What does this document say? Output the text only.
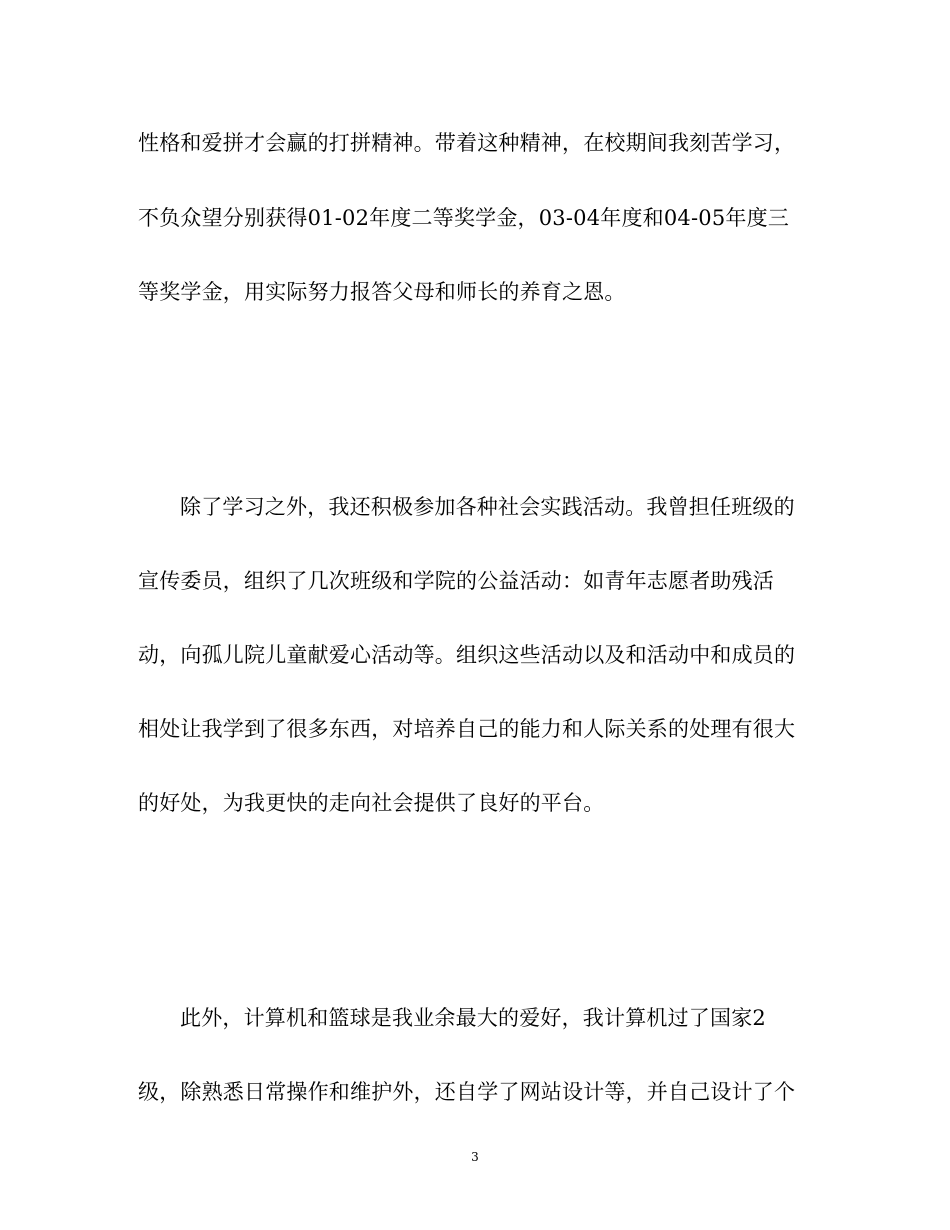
性格和爱拼才会赢的打拼精神。带着这种精神，在校期间我刻苦学习，
不负众望分别获得01-02年度二等奖学金，03-04年度和04-05年度三
等奖学金，用实际努力报答父母和师长的养育之恩。
除了学习之外，我还积极参加各种社会实践活动。我曾担任班级的
宣传委员，组织了几次班级和学院的公益活动：如青年志愿者助残活
动，向孤儿院儿童献爱心活动等。组织这些活动以及和活动中和成员的
相处让我学到了很多东西，对培养自己的能力和人际关系的处理有很大
的好处，为我更快的走向社会提供了良好的平台。
此外，计算机和篮球是我业余最大的爱好，我计算机过了国家2
级，除熟悉日常操作和维护外，还自学了网站设计等，并自己设计了个
3
